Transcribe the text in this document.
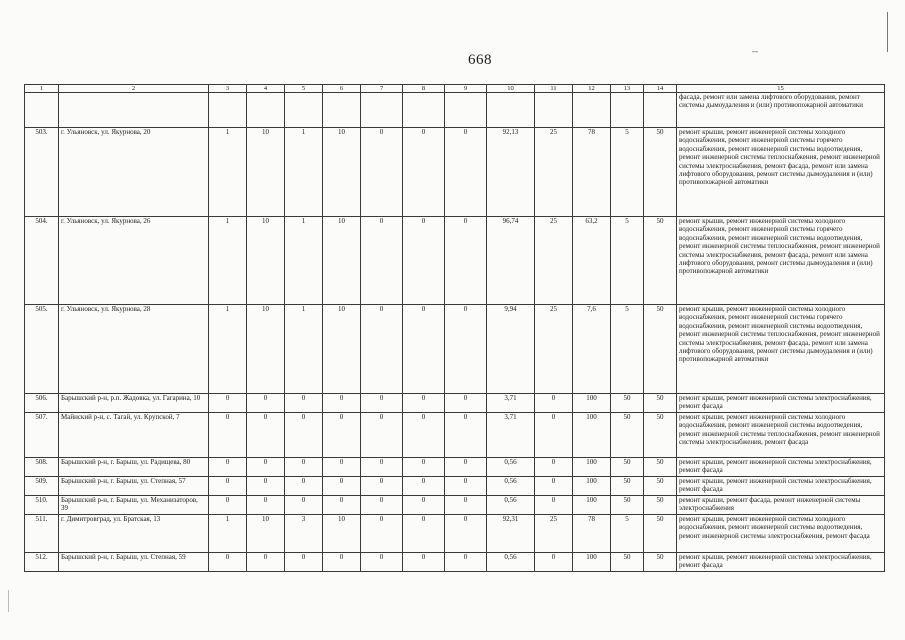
--
668
1	2	3	4	5	6	7	8	9	10	11	12	13	14	15
														фасада, ремонт или замена лифтового оборудования, ремонт системы дымоудаления и (или) противопожарной автоматики
503.	г. Ульяновск, ул. Якурнова, 20	1	10	1	10	0	0	0	92,13	25	78	5	50	ремонт крыши, ремонт инженерной системы холодного водоснабжения, ремонт инженерной системы горячего водоснабжения, ремонт инженерной системы водоотведения, ремонт инженерной системы теплоснабжения, ремонт инженерной системы электроснабжения, ремонт фасада, ремонт или замена лифтового оборудования, ремонт системы дымоудаления и (или) противопожарной автоматики
504.	г. Ульяновск, ул. Якурнова, 26	1	10	1	10	0	0	0	96,74	25	63,2	5	50	ремонт крыши, ремонт инженерной системы холодного водоснабжения, ремонт инженерной системы горячего водоснабжения, ремонт инженерной системы водоотведения, ремонт инженерной системы теплоснабжения, ремонт инженерной системы электроснабжения, ремонт фасада, ремонт или замена лифтового оборудования, ремонт системы дымоудаления и (или) противопожарной автоматики
505.	г. Ульяновск, ул. Якурнова, 28	1	10	1	10	0	0	0	9,94	25	7,6	5	50	ремонт крыши, ремонт инженерной системы холодного водоснабжения, ремонт инженерной системы горячего водоснабжения, ремонт инженерной системы водоотведения, ремонт инженерной системы теплоснабжения, ремонт инженерной системы электроснабжения, ремонт фасада, ремонт или замена лифтового оборудования, ремонт системы дымоудаления и (или) противопожарной автоматики
506.	Барышский р-н, р.п. Жадовка, ул. Гагарина, 10	0	0	0	0	0	0	0	3,71	0	100	50	50	ремонт крыши, ремонт инженерной системы электроснабжения, ремонт фасада
507.	Майнский р-н, с. Тагай, ул. Крупской, 7	0	0	0	0	0	0	0	3,71	0	100	50	50	ремонт крыши, ремонт инженерной системы холодного водоснабжения, ремонт инженерной системы водоотведения, ремонт инженерной системы теплоснабжения, ремонт инженерной системы электроснабжения, ремонт фасада
508.	Барышский р-н, г. Барыш, ул. Радищева, 80	0	0	0	0	0	0	0	0,56	0	100	50	50	ремонт крыши, ремонт инженерной системы электроснабжения, ремонт фасада
509.	Барышский р-н, г. Барыш, ул. Степная, 57	0	0	0	0	0	0	0	0,56	0	100	50	50	ремонт крыши, ремонт инженерной системы электроснабжения, ремонт фасада
510.	Барышский р-н, г. Барыш, ул. Механизаторов, 39	0	0	0	0	0	0	0	0,56	0	100	50	50	ремонт крыши, ремонт фасада, ремонт инженерной системы электроснабжения
511.	г. Димитровград, ул. Братская, 13	1	10	3	10	0	0	0	92,31	25	78	5	50	ремонт крыши, ремонт инженерной системы холодного водоснабжения, ремонт инженерной системы водоотведения, ремонт инженерной системы электроснабжения, ремонт фасада
512.	Барышский р-н, г. Барыш, ул. Степная, 59	0	0	0	0	0	0	0	0,56	0	100	50	50	ремонт крыши, ремонт инженерной системы электроснабжения, ремонт фасада
